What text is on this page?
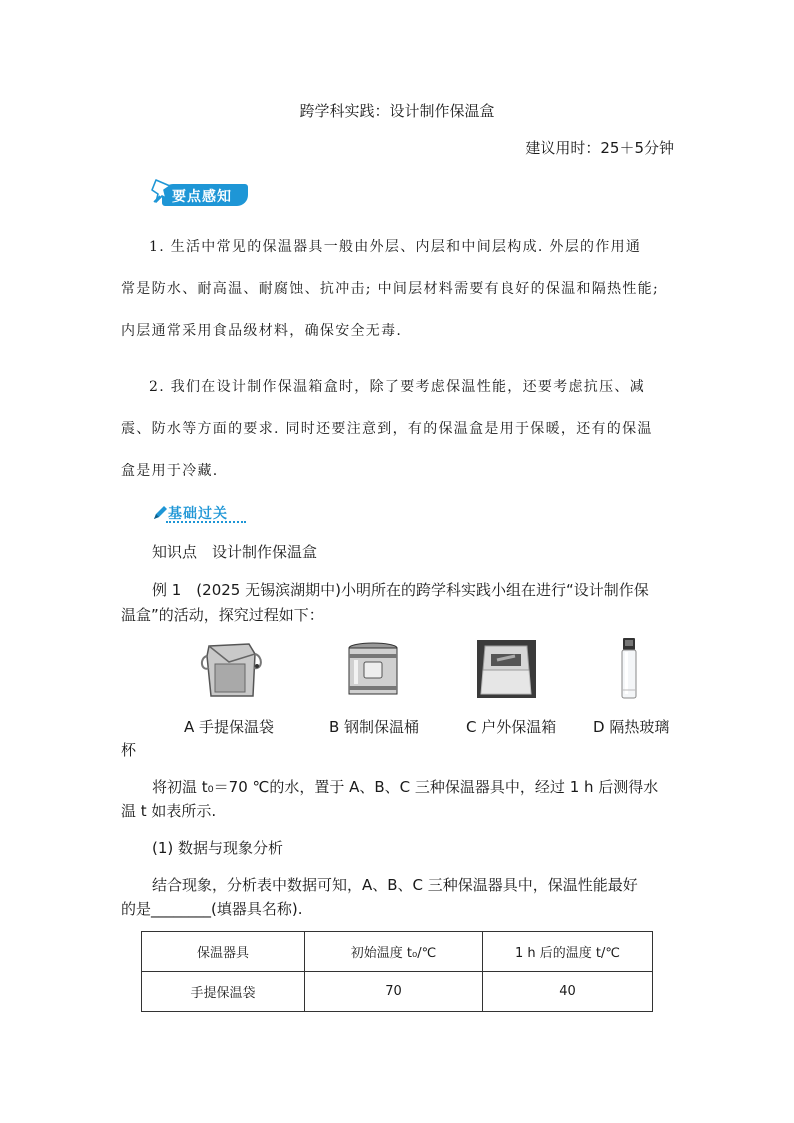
跨学科实践：设计制作保温盒
建议用时：25＋5分钟
要点感知
1. 生活中常见的保温器具一般由外层、内层和中间层构成. 外层的作用通
常是防水、耐高温、耐腐蚀、抗冲击; 中间层材料需要有良好的保温和隔热性能;
内层通常采用食品级材料，确保安全无毒.
2. 我们在设计制作保温箱盒时，除了要考虑保温性能，还要考虑抗压、减
震、防水等方面的要求. 同时还要注意到，有的保温盒是用于保暖，还有的保温
盒是用于冷藏.
基础过关
知识点　设计制作保温盒
例 1　(2025 无锡滨湖期中)小明所在的跨学科实践小组在进行“设计制作保
温盒”的活动，探究过程如下：
A 手提保温袋	B 钢制保温桶	C 户外保温箱 D 隔热玻璃
杯
将初温 t₀＝70 ℃的水，置于 A、B、C 三种保温器具中，经过 1 h 后测得水
温 t 如表所示.
(1) 数据与现象分析
结合现象，分析表中数据可知，A、B、C 三种保温器具中，保温性能最好
的是________(填器具名称).
保温器具	初始温度 t₀/℃	1 h 后的温度 t/℃
手提保温袋	70	40
